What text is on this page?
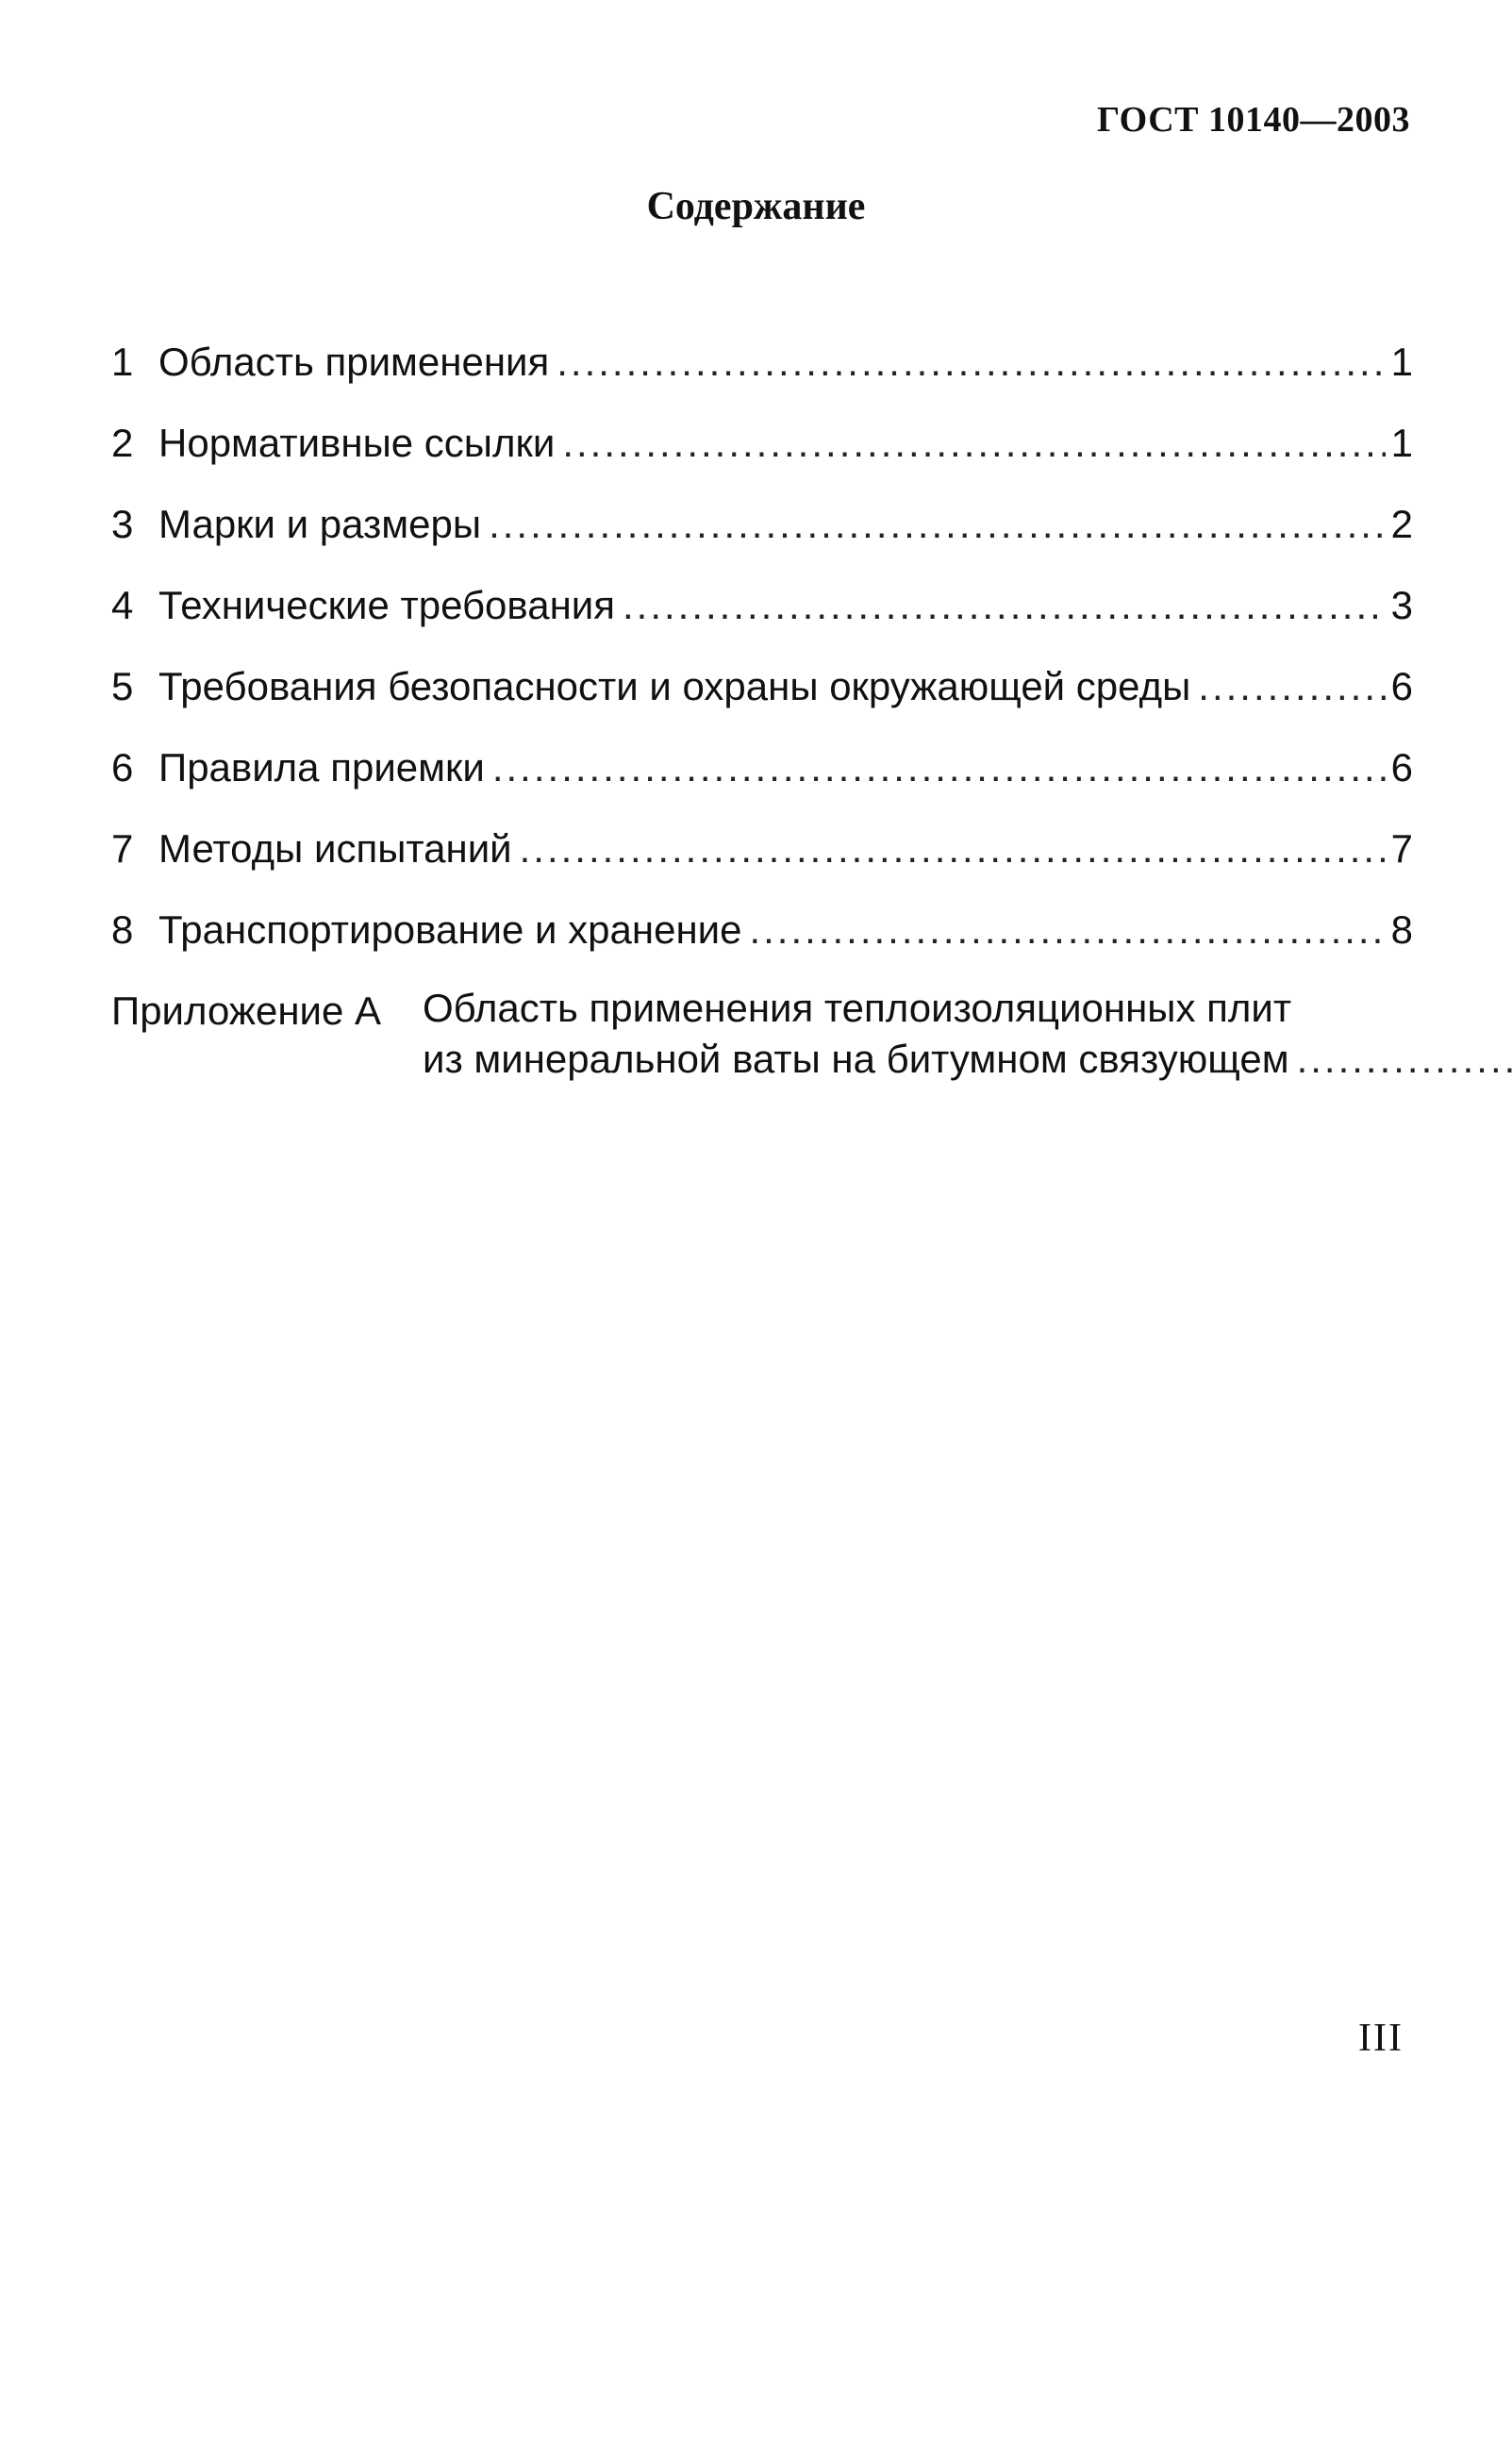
ГОСТ 10140—2003
Содержание
1 Область применения .....	1
2 Нормативные ссылки .....	1
3 Марки и размеры .....	2
4 Технические требования .....	3
5 Требования безопасности и охраны окружающей среды .....	6
6 Правила приемки .....	6
7 Методы испытаний .....	7
8 Транспортирование и хранение .....	8
Приложение А	Область применения теплоизоляционных плит
из минеральной ваты на битумном связующем
.....
III
